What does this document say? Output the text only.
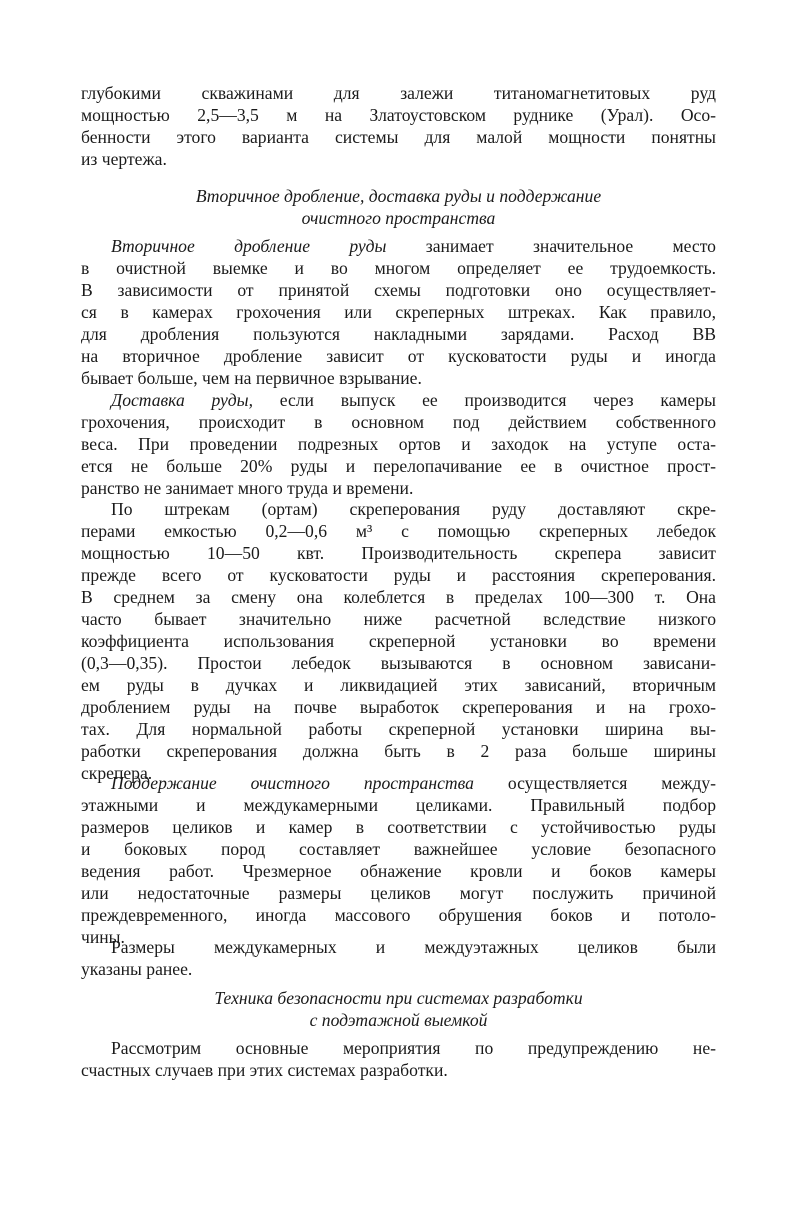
глубокими скважинами для залежи титаномагнетитовых руд
мощностью 2,5—3,5 м на Златоустовском руднике (Урал). Осо-
бенности этого варианта системы для малой мощности понятны
из чертежа.
Вторичное дробление, доставка руды и поддержание
очистного пространства
Вторичное дробление руды занимает значительное место
в очистной выемке и во многом определяет ее трудоемкость.
В зависимости от принятой схемы подготовки оно осуществляет-
ся в камерах грохочения или скреперных штреках. Как правило,
для дробления пользуются накладными зарядами. Расход ВВ
на вторичное дробление зависит от кусковатости руды и иногда
бывает больше, чем на первичное взрывание.
Доставка руды, если выпуск ее производится через камеры
грохочения, происходит в основном под действием собственного
веса. При проведении подрезных ортов и заходок на уступе оста-
ется не больше 20% руды и перелопачивание ее в очистное прост-
ранство не занимает много труда и времени.
По штрекам (ортам) скреперования руду доставляют скре-
перами емкостью 0,2—0,6 м³ с помощью скреперных лебедок
мощностью 10—50 квт. Производительность скрепера зависит
прежде всего от кусковатости руды и расстояния скреперования.
В среднем за смену она колеблется в пределах 100—300 т. Она
часто бывает значительно ниже расчетной вследствие низкого
коэффициента использования скреперной установки во времени
(0,3—0,35). Простои лебедок вызываются в основном зависани-
ем руды в дучках и ликвидацией этих зависаний, вторичным
дроблением руды на почве выработок скреперования и на грохо-
тах. Для нормальной работы скреперной установки ширина вы-
работки скреперования должна быть в 2 раза больше ширины
скрепера.
Поддержание очистного пространства осуществляется между-
этажными и междукамерными целиками. Правильный подбор
размеров целиков и камер в соответствии с устойчивостью руды
и боковых пород составляет важнейшее условие безопасного
ведения работ. Чрезмерное обнажение кровли и боков камеры
или недостаточные размеры целиков могут послужить причиной
преждевременного, иногда массового обрушения боков и потоло-
чины.
Размеры междукамерных и междуэтажных целиков были
указаны ранее.
Техника безопасности при системах разработки
с подэтажной выемкой
Рассмотрим основные мероприятия по предупреждению не-
счастных случаев при этих системах разработки.
